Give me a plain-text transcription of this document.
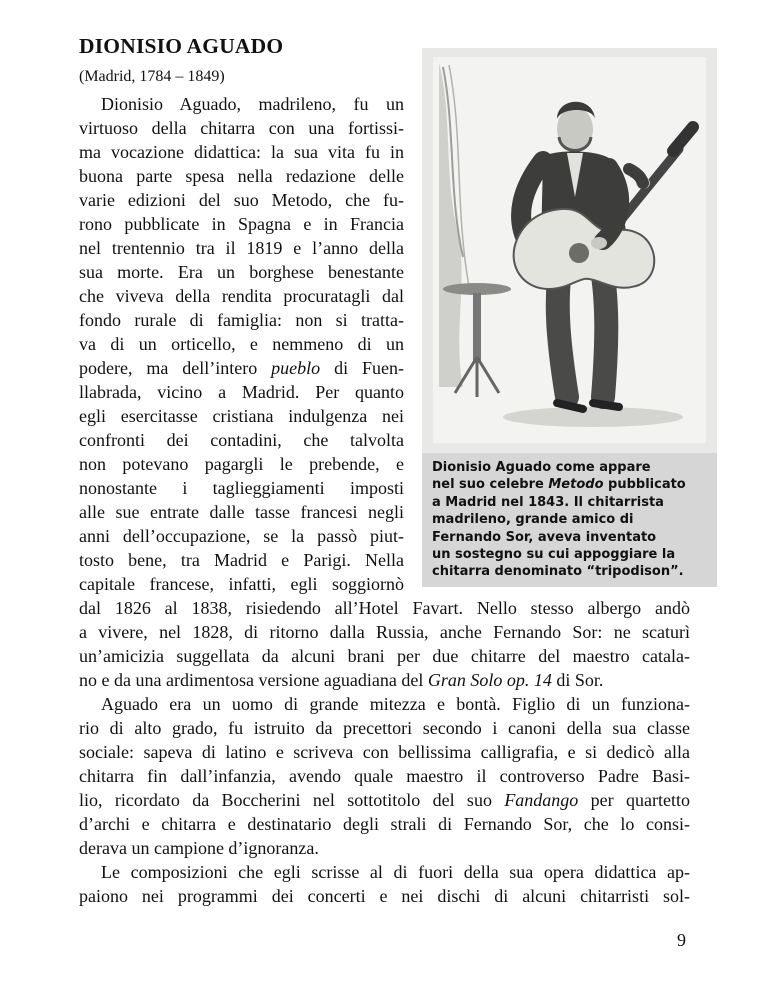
DIONISIO AGUADO
(Madrid, 1784 – 1849)
Dionisio Aguado come appare
nel suo celebre Metodo pubblicato
a Madrid nel 1843. Il chitarrista
madrileno, grande amico di
Fernando Sor, aveva inventato
un sostegno su cui appoggiare la
chitarra denominato “tripodison”.
Dionisio Aguado, madrileno, fu un
virtuoso della chitarra con una fortissi-
ma vocazione didattica: la sua vita fu in
buona parte spesa nella redazione delle
varie edizioni del suo Metodo, che fu-
rono pubblicate in Spagna e in Francia
nel trentennio tra il 1819 e l’anno della
sua morte. Era un borghese benestante
che viveva della rendita procuratagli dal
fondo rurale di famiglia: non si tratta-
va di un orticello, e nemmeno di un
podere, ma dell’intero pueblo di Fuen-
llabrada, vicino a Madrid. Per quanto
egli esercitasse cristiana indulgenza nei
confronti dei contadini, che talvolta
non potevano pagargli le prebende, e
nonostante i taglieggiamenti imposti
alle sue entrate dalle tasse francesi negli
anni dell’occupazione, se la passò piut-
tosto bene, tra Madrid e Parigi. Nella
capitale francese, infatti, egli soggiornò
dal 1826 al 1838, risiedendo all’Hotel Favart. Nello stesso albergo andò
a vivere, nel 1828, di ritorno dalla Russia, anche Fernando Sor: ne scaturì
un’amicizia suggellata da alcuni brani per due chitarre del maestro catala-
no e da una ardimentosa versione aguadiana del Gran Solo op. 14 di Sor.
Aguado era un uomo di grande mitezza e bontà. Figlio di un funziona-
rio di alto grado, fu istruito da precettori secondo i canoni della sua classe
sociale: sapeva di latino e scriveva con bellissima calligrafia, e si dedicò alla
chitarra fin dall’infanzia, avendo quale maestro il controverso Padre Basi-
lio, ricordato da Boccherini nel sottotitolo del suo Fandango per quartetto
d’archi e chitarra e destinatario degli strali di Fernando Sor, che lo consi-
derava un campione d’ignoranza.
Le composizioni che egli scrisse al di fuori della sua opera didattica ap-
paiono nei programmi dei concerti e nei dischi di alcuni chitarristi sol-
9
